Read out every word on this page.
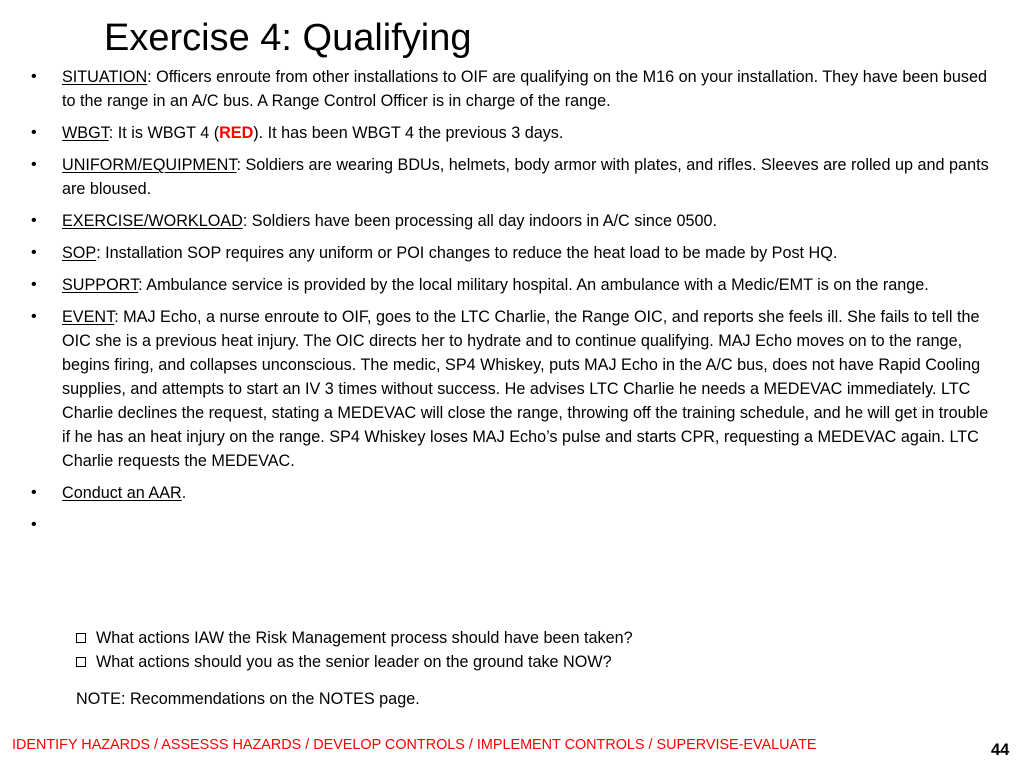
Exercise 4: Qualifying
• SITUATION: Officers enroute from other installations to OIF are qualifying on the M16 on your installation. They have been bused to the range in an A/C bus. A Range Control Officer is in charge of the range.
• WBGT: It is WBGT 4 (RED). It has been WBGT 4 the previous 3 days.
• UNIFORM/EQUIPMENT: Soldiers are wearing BDUs, helmets, body armor with plates, and rifles. Sleeves are rolled up and pants are bloused.
• EXERCISE/WORKLOAD: Soldiers have been processing all day indoors in A/C since 0500.
• SOP: Installation SOP requires any uniform or POI changes to reduce the heat load to be made by Post HQ.
• SUPPORT: Ambulance service is provided by the local military hospital. An ambulance with a Medic/EMT is on the range.
• EVENT: MAJ Echo, a nurse enroute to OIF, goes to the LTC Charlie, the Range OIC, and reports she feels ill. She fails to tell the OIC she is a previous heat injury. The OIC directs her to hydrate and to continue qualifying. MAJ Echo moves on to the range, begins firing, and collapses unconscious. The medic, SP4 Whiskey, puts MAJ Echo in the A/C bus, does not have Rapid Cooling supplies, and attempts to start an IV 3 times without success. He advises LTC Charlie he needs a MEDEVAC immediately. LTC Charlie declines the request, stating a MEDEVAC will close the range, throwing off the training schedule, and he will get in trouble if he has an heat injury on the range. SP4 Whiskey loses MAJ Echo’s pulse and starts CPR, requesting a MEDEVAC again. LTC Charlie requests the MEDEVAC.
• Conduct an AAR.
•
What actions IAW the Risk Management process should have been taken?
What actions should you as the senior leader on the ground take NOW?
NOTE: Recommendations on the NOTES page.
IDENTIFY HAZARDS / ASSESSS HAZARDS / DEVELOP CONTROLS / IMPLEMENT CONTROLS / SUPERVISE-EVALUATE	44
